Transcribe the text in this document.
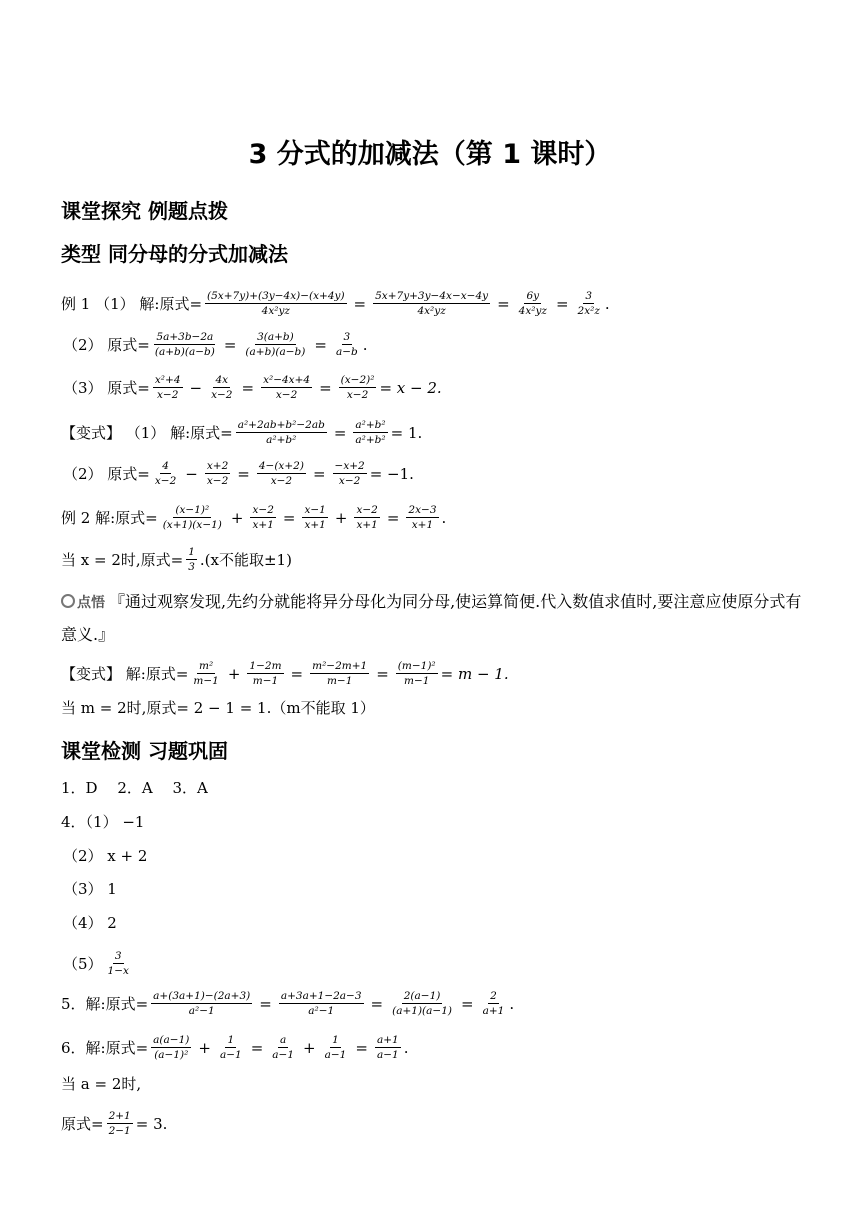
3 分式的加减法（第 1 课时）
课堂探究 例题点拨
类型 同分母的分式加减法
例 1 （1） 解:原式= $\frac{(5x+7y)+(3y-4x)-(x+4y)}{\text{4x²yz}} = \frac{5x+7y+3y-4x-x-4y}{\text{4x²yz}} = \frac{6y}{\text{4x²yz}} = \frac{3}{\text{2x²z}}$ .
（2） 原式= $\frac{5a+3b-2a}{(a+b)(a-b)} = \frac{3(a+b)}{(a+b)(a-b)} = \frac{3}{a-b}$ .
（3） 原式= $\frac{\text{x²+4}}{x-2} - \frac{4x}{x-2} = \frac{\text{x²−4x+4}}{x-2} = \frac{\text{(x−2)²}}{x-2} = x - 2$.
【变式】 （1） 解:原式= $\frac{\text{a²+2ab+b²−2ab}}{\text{a²+b²}} = \frac{\text{a²+b²}}{\text{a²+b²}} = 1$.
（2） 原式= $\frac{4}{x-2} - \frac{x+2}{x-2} = \frac{4-(x+2)}{x-2} = \frac{-x+2}{x-2} = -1$.
例 2 解:原式= $\frac{\text{(x−1)²}}{(x+1)(x-1)} + \frac{x-2}{x+1} = \frac{x-1}{x+1} + \frac{x-2}{x+1} = \frac{2x-3}{x+1}$ .
当 x = 2时,原式= $\frac{1}{3} .(x$不能取±1)
点悟 『通过观察发现,先约分就能将异分母化为同分母,使运算简便.代入数值求值时,要注意应使原分式有意义.』
【变式】 解:原式= $\frac{\text{m²}}{m-1} + \frac{1-2m}{m-1} = \frac{\text{m²−2m+1}}{m-1} = \frac{\text{(m−1)²}}{m-1} = m - 1$.
当 m = 2时,原式= 2 − 1 = 1.（m不能取 1）
课堂检测 习题巩固
1．D　 2．A　 3．A
4．（1） −1
（2） x + 2
（3） 1
（4） 2
$(5) \frac{3}{1-x}$
5．解:原式= $\frac{a+(3a+1)-(2a+3)}{\text{a²−1}} = \frac{a+3a+1-2a-3}{\text{a²−1}} = \frac{2(a-1)}{(a+1)(a-1)} = \frac{2}{a+1}$ .
6．解:原式= $\frac{a(a-1)}{\text{(a−1)²}} + \frac{1}{a-1} = \frac{a}{a-1} + \frac{1}{a-1} = \frac{a+1}{a-1}$ .
当 a = 2时,
原式= $\frac{2+1}{2-1} = 3$.
